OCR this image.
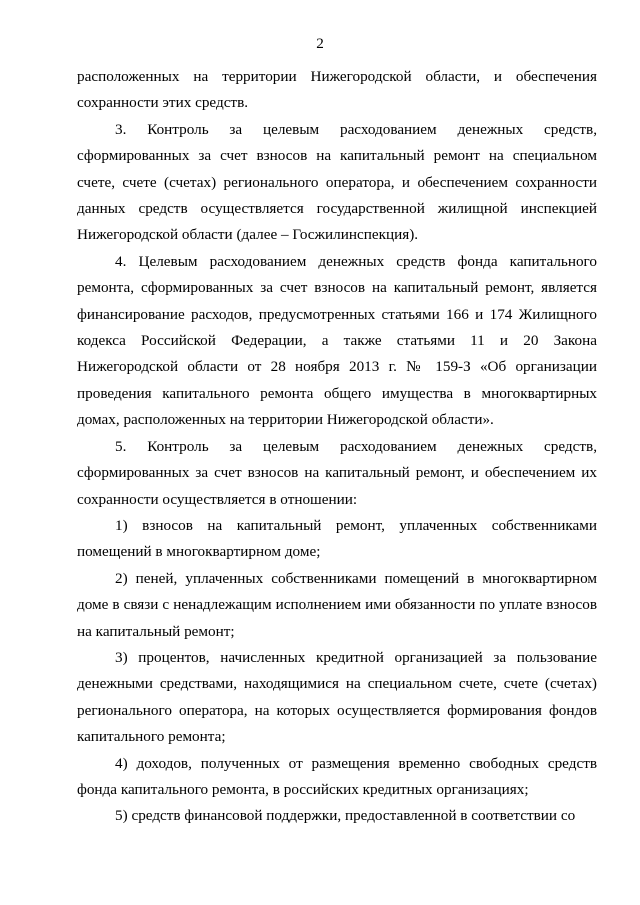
2

расположенных на территории Нижегородской области, и обеспечения сохранности этих средств.

3. Контроль за целевым расходованием денежных средств, сформированных за счет взносов на капитальный ремонт на специальном счете, счете (счетах) регионального оператора, и обеспечением сохранности данных средств осуществляется государственной жилищной инспекцией Нижегородской области (далее – Госжилинспекция).

4. Целевым расходованием денежных средств фонда капитального ремонта, сформированных за счет взносов на капитальный ремонт, является финансирование расходов, предусмотренных статьями 166 и 174 Жилищного кодекса Российской Федерации, а также статьями 11 и 20 Закона Нижегородской области от 28 ноября 2013 г. № 159-З «Об организации проведения капитального ремонта общего имущества в многоквартирных домах, расположенных на территории Нижегородской области».

5. Контроль за целевым расходованием денежных средств, сформированных за счет взносов на капитальный ремонт, и обеспечением их сохранности осуществляется в отношении:

1) взносов на капитальный ремонт, уплаченных собственниками помещений в многоквартирном доме;

2) пеней, уплаченных собственниками помещений в многоквартирном доме в связи с ненадлежащим исполнением ими обязанности по уплате взносов на капитальный ремонт;

3) процентов, начисленных кредитной организацией за пользование денежными средствами, находящимися на специальном счете, счете (счетах) регионального оператора, на которых осуществляется формирования фондов капитального ремонта;

4) доходов, полученных от размещения временно свободных средств фонда капитального ремонта, в российских кредитных организациях;

5) средств финансовой поддержки, предоставленной в соответствии со
